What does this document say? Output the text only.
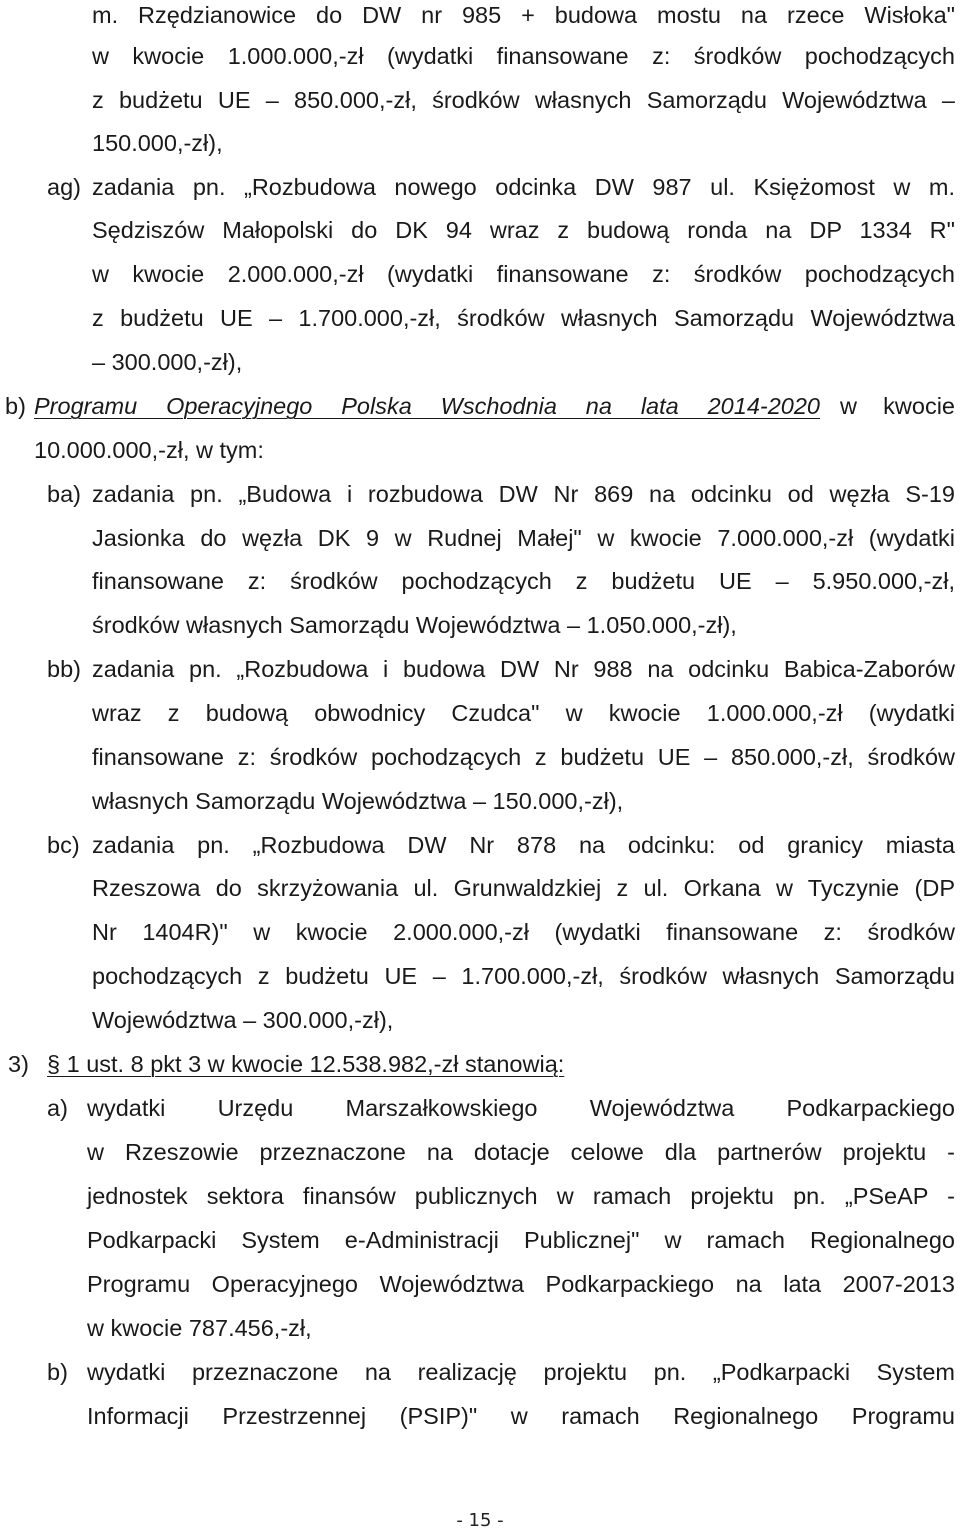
m. Rzędzianowice do DW nr 985 + budowa mostu na rzece Wisłoka"
w kwocie 1.000.000,-zł (wydatki finansowane z: środków pochodzących
z budżetu UE – 850.000,-zł, środków własnych Samorządu Województwa –
150.000,-zł),
ag) zadania pn. „Rozbudowa nowego odcinka DW 987 ul. Księżomost w m.
Sędziszów Małopolski do DK 94 wraz z budową ronda na DP 1334 R"
w kwocie 2.000.000,-zł (wydatki finansowane z: środków pochodzących
z budżetu UE – 1.700.000,-zł, środków własnych Samorządu Województwa
– 300.000,-zł),
b) Programu Operacyjnego Polska Wschodnia na lata 2014-2020 w kwocie
10.000.000,-zł, w tym:
ba) zadania pn. „Budowa i rozbudowa DW Nr 869 na odcinku od węzła S-19
Jasionka do węzła DK 9 w Rudnej Małej" w kwocie 7.000.000,-zł (wydatki
finansowane z: środków pochodzących z budżetu UE – 5.950.000,-zł,
środków własnych Samorządu Województwa – 1.050.000,-zł),
bb) zadania pn. „Rozbudowa i budowa DW Nr 988 na odcinku Babica-Zaborów
wraz z budową obwodnicy Czudca" w kwocie 1.000.000,-zł (wydatki
finansowane z: środków pochodzących z budżetu UE – 850.000,-zł, środków
własnych Samorządu Województwa – 150.000,-zł),
bc) zadania pn. „Rozbudowa DW Nr 878 na odcinku: od granicy miasta
Rzeszowa do skrzyżowania ul. Grunwaldzkiej z ul. Orkana w Tyczynie (DP
Nr 1404R)" w kwocie 2.000.000,-zł (wydatki finansowane z: środków
pochodzących z budżetu UE – 1.700.000,-zł, środków własnych Samorządu
Województwa – 300.000,-zł),
3) § 1 ust. 8 pkt 3 w kwocie 12.538.982,-zł stanowią:
a) wydatki Urzędu Marszałkowskiego Województwa Podkarpackiego
w Rzeszowie przeznaczone na dotacje celowe dla partnerów projektu -
jednostek sektora finansów publicznych w ramach projektu pn. „PSeAP -
Podkarpacki System e-Administracji Publicznej" w ramach Regionalnego
Programu Operacyjnego Województwa Podkarpackiego na lata 2007-2013
w kwocie 787.456,-zł,
b) wydatki przeznaczone na realizację projektu pn. „Podkarpacki System
Informacji Przestrzennej (PSIP)" w ramach Regionalnego Programu
- 15 -
